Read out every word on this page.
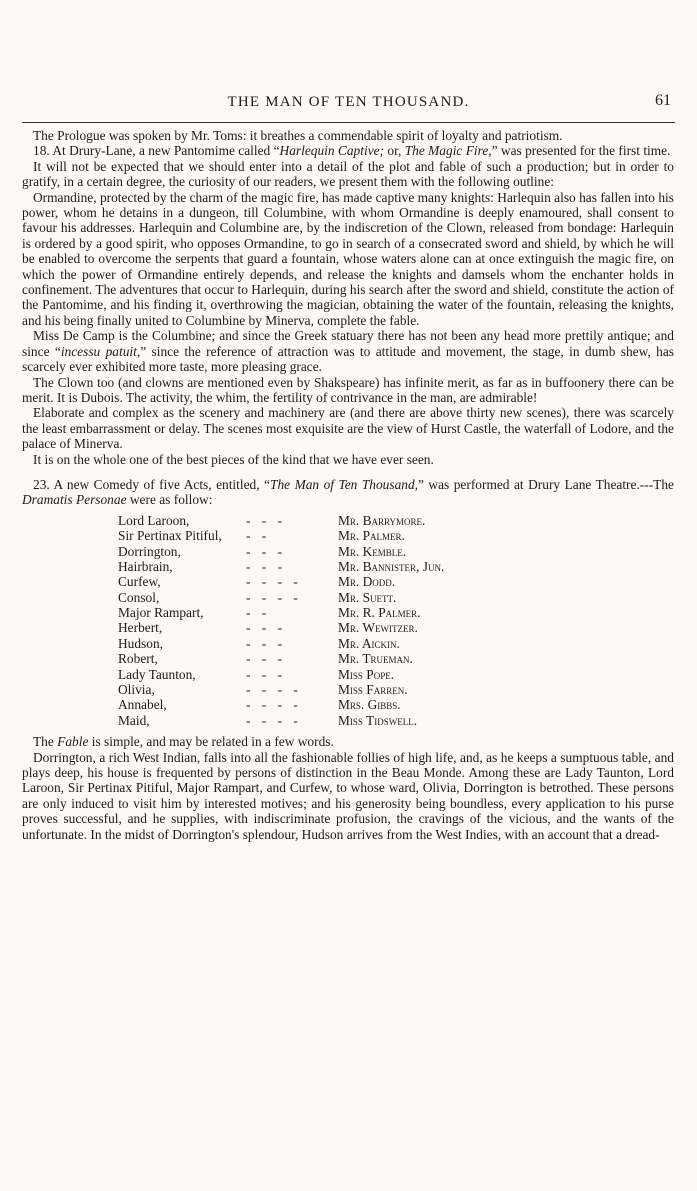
THE MAN OF TEN THOUSAND.	61

The Prologue was spoken by Mr. Toms: it breathes a commendable spirit of loyalty and patriotism.

18. At Drury-Lane, a new Pantomime called “Harlequin Captive; or, The Magic Fire,” was presented for the first time.

It will not be expected that we should enter into a detail of the plot and fable of such a production; but in order to gratify, in a certain degree, the curiosity of our readers, we present them with the following outline:

Ormandine, protected by the charm of the magic fire, has made captive many knights: Harlequin also has fallen into his power, whom he detains in a dungeon, till Columbine, with whom Ormandine is deeply enamoured, shall consent to favour his addresses. Harlequin and Columbine are, by the indiscretion of the Clown, released from bondage: Harlequin is ordered by a good spirit, who opposes Ormandine, to go in search of a consecrated sword and shield, by which he will be enabled to overcome the serpents that guard a fountain, whose waters alone can at once extinguish the magic fire, on which the power of Ormandine entirely depends, and release the knights and damsels whom the enchanter holds in confinement. The adventures that occur to Harlequin, during his search after the sword and shield, constitute the action of the Pantomime, and his finding it, overthrowing the magician, obtaining the water of the fountain, releasing the knights, and his being finally united to Columbine by Minerva, complete the fable.

Miss De Camp is the Columbine; and since the Greek statuary there has not been any head more prettily antique; and since “incessu patuit,” since the reference of attraction was to attitude and movement, the stage, in dumb shew, has scarcely ever exhibited more taste, more pleasing grace.

The Clown too (and clowns are mentioned even by Shakspeare) has infinite merit, as far as in buffoonery there can be merit. It is Dubois. The activity, the whim, the fertility of contrivance in the man, are admirable!

Elaborate and complex as the scenery and machinery are (and there are above thirty new scenes), there was scarcely the least embarrassment or delay. The scenes most exquisite are the view of Hurst Castle, the waterfall of Lodore, and the palace of Minerva.

It is on the whole one of the best pieces of the kind that we have ever seen.

23. A new Comedy of five Acts, entitled, “The Man of Ten Thousand,” was performed at Drury Lane Theatre.---The Dramatis Personae were as follow:

Lord Laroon,	- - -	Mr. Barrymore.
Sir Pertinax Pitiful,	- -	Mr. Palmer.
Dorrington,	- - -	Mr. Kemble.
Hairbrain,	- - -	Mr. Bannister, Jun.
Curfew,	- - - -	Mr. Dodd.
Consol,	- - - -	Mr. Suett.
Major Rampart,	- -	Mr. R. Palmer.
Herbert,	- - -	Mr. Wewitzer.
Hudson,	- - -	Mr. Aickin.
Robert,	- - -	Mr. Trueman.
Lady Taunton,	- - -	Miss Pope.
Olivia,	- - - -	Miss Farren.
Annabel,	- - - -	Mrs. Gibbs.
Maid,	- - - -	Miss Tidswell.

The Fable is simple, and may be related in a few words.

Dorrington, a rich West Indian, falls into all the fashionable follies of high life, and, as he keeps a sumptuous table, and plays deep, his house is frequented by persons of distinction in the Beau Monde. Among these are Lady Taunton, Lord Laroon, Sir Pertinax Pitiful, Major Rampart, and Curfew, to whose ward, Olivia, Dorrington is betrothed. These persons are only induced to visit him by interested motives; and his generosity being boundless, every application to his purse proves successful, and he supplies, with indiscriminate profusion, the cravings of the vicious, and the wants of the unfortunate. In the midst of Dorrington's splendour, Hudson arrives from the West Indies, with an account that a dread-
